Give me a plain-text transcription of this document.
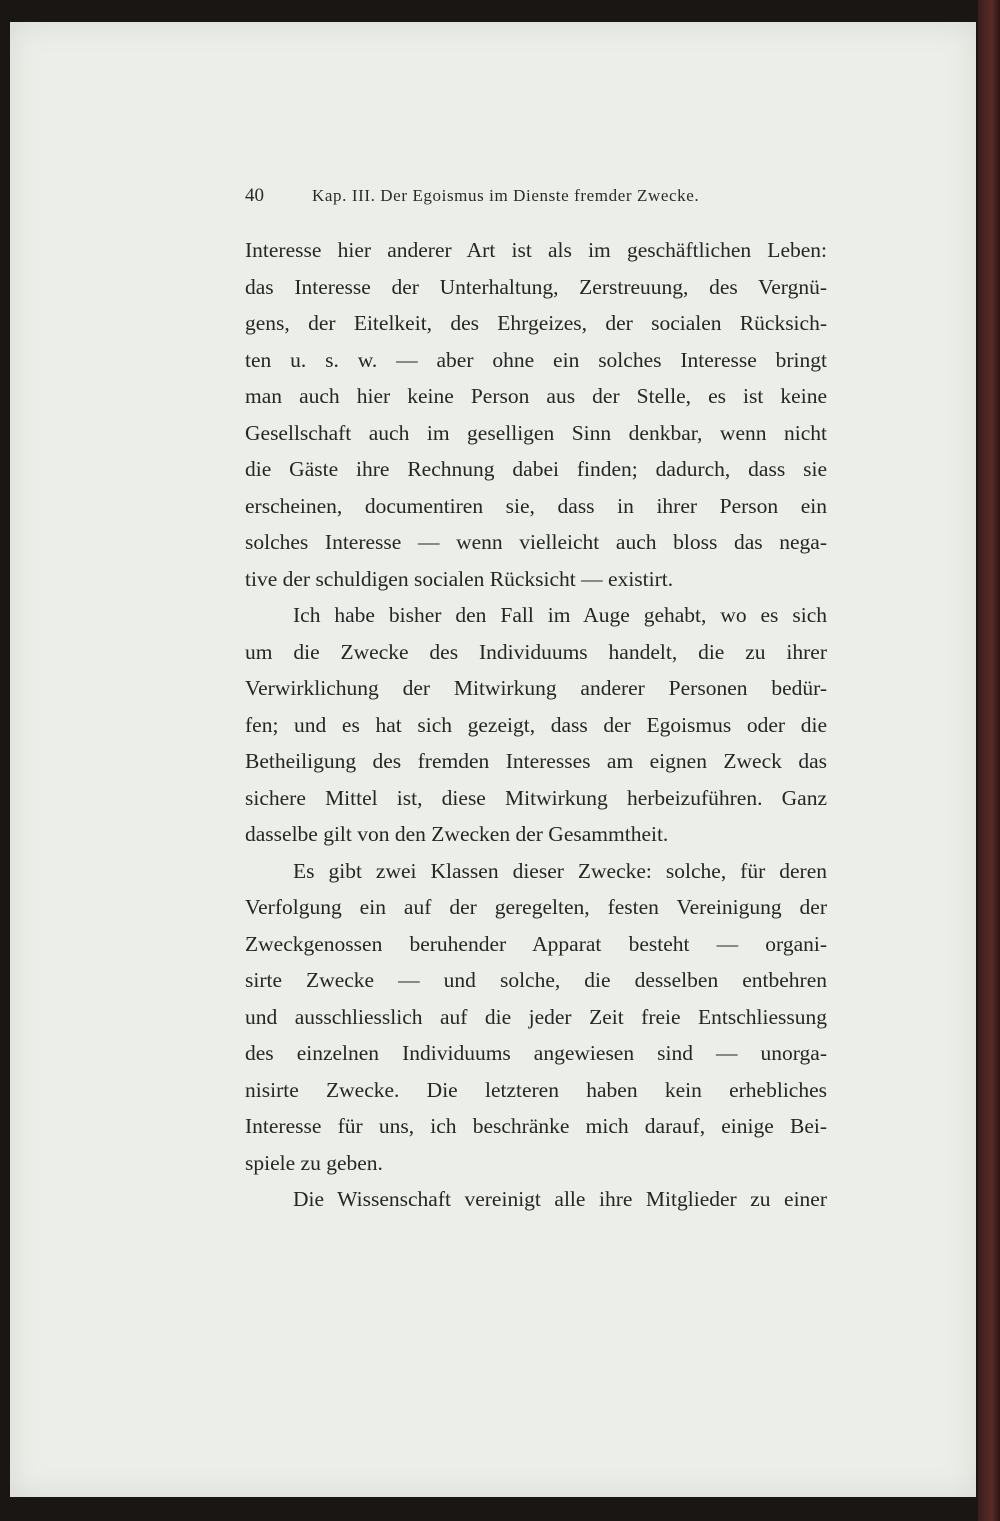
40	Kap. III. Der Egoismus im Dienste fremder Zwecke.
Interesse hier anderer Art ist als im geschäftlichen Leben:
das Interesse der Unterhaltung, Zerstreuung, des Vergnü-
gens, der Eitelkeit, des Ehrgeizes, der socialen Rücksich-
ten u. s. w. — aber ohne ein solches Interesse bringt
man auch hier keine Person aus der Stelle, es ist keine
Gesellschaft auch im geselligen Sinn denkbar, wenn nicht
die Gäste ihre Rechnung dabei finden; dadurch, dass sie
erscheinen, documentiren sie, dass in ihrer Person ein
solches Interesse — wenn vielleicht auch bloss das nega-
tive der schuldigen socialen Rücksicht — existirt.
Ich habe bisher den Fall im Auge gehabt, wo es sich
um die Zwecke des Individuums handelt, die zu ihrer
Verwirklichung der Mitwirkung anderer Personen bedür-
fen; und es hat sich gezeigt, dass der Egoismus oder die
Betheiligung des fremden Interesses am eignen Zweck das
sichere Mittel ist, diese Mitwirkung herbeizuführen. Ganz
dasselbe gilt von den Zwecken der Gesammtheit.
Es gibt zwei Klassen dieser Zwecke: solche, für deren
Verfolgung ein auf der geregelten, festen Vereinigung der
Zweckgenossen beruhender Apparat besteht — organi-
sirte Zwecke — und solche, die desselben entbehren
und ausschliesslich auf die jeder Zeit freie Entschliessung
des einzelnen Individuums angewiesen sind — unorga-
nisirte Zwecke. Die letzteren haben kein erhebliches
Interesse für uns, ich beschränke mich darauf, einige Bei-
spiele zu geben.
Die Wissenschaft vereinigt alle ihre Mitglieder zu einer
